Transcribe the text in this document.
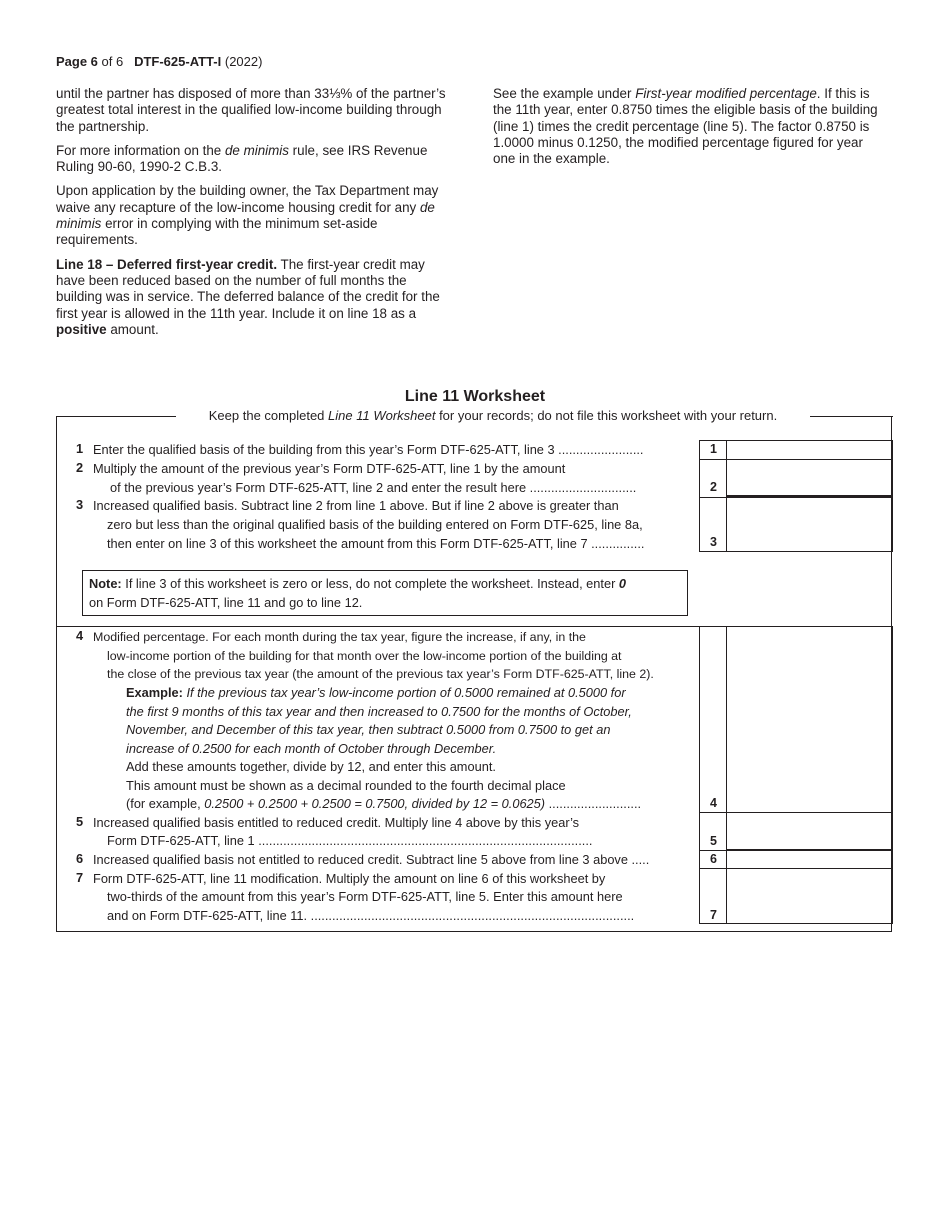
Page 6 of 6 DTF-625-ATT-I (2022)

until the partner has disposed of more than 33⅓% of the partner’s greatest total interest in the qualified low-income building through the partnership.

For more information on the de minimis rule, see IRS Revenue Ruling 90-60, 1990-2 C.B.3.

Upon application by the building owner, the Tax Department may waive any recapture of the low-income housing credit for any de minimis error in complying with the minimum set-aside requirements.

Line 18 – Deferred first-year credit. The first-year credit may have been reduced based on the number of full months the building was in service. The deferred balance of the credit for the first year is allowed in the 11th year. Include it on line 18 as a positive amount.

See the example under First-year modified percentage. If this is the 11th year, enter 0.8750 times the eligible basis of the building (line 1) times the credit percentage (line 5). The factor 0.8750 is 1.0000 minus 0.1250, the modified percentage figured for year one in the example.

Line 11 Worksheet
Keep the completed Line 11 Worksheet for your records; do not file this worksheet with your return.
1 Enter the qualified basis of the building from this year’s Form DTF-625-ATT, line 3 ........................
2 Multiply the amount of the previous year’s Form DTF-625-ATT, line 1 by the amount
of the previous year’s Form DTF-625-ATT, line 2 and enter the result here ..............................
3 Increased qualified basis. Subtract line 2 from line 1 above. But if line 2 above is greater than
zero but less than the original qualified basis of the building entered on Form DTF-625, line 8a,
then enter on line 3 of this worksheet the amount from this Form DTF-625-ATT, line 7 ...............
1
2
3
Note: If line 3 of this worksheet is zero or less, do not complete the worksheet. Instead, enter 0
on Form DTF-625-ATT, line 11 and go to line 12.
4 Modified percentage. For each month during the tax year, figure the increase, if any, in the
low-income portion of the building for that month over the low-income portion of the building at
the close of the previous tax year (the amount of the previous tax year’s Form DTF-625-ATT, line 2).
Example: If the previous tax year’s low-income portion of 0.5000 remained at 0.5000 for
the first 9 months of this tax year and then increased to 0.7500 for the months of October,
November, and December of this tax year, then subtract 0.5000 from 0.7500 to get an
increase of 0.2500 for each month of October through December.
Add these amounts together, divide by 12, and enter this amount.
This amount must be shown as a decimal rounded to the fourth decimal place
(for example, 0.2500 + 0.2500 + 0.2500 = 0.7500, divided by 12 = 0.0625) ..........................
5 Increased qualified basis entitled to reduced credit. Multiply line 4 above by this year’s
Form DTF-625-ATT, line 1 ..............................................................................................
6 Increased qualified basis not entitled to reduced credit. Subtract line 5 above from line 3 above .....
7 Form DTF-625-ATT, line 11 modification. Multiply the amount on line 6 of this worksheet by
two-thirds of the amount from this year’s Form DTF-625-ATT, line 5. Enter this amount here
and on Form DTF-625-ATT, line 11. ...........................................................................................
4
5
6
7
